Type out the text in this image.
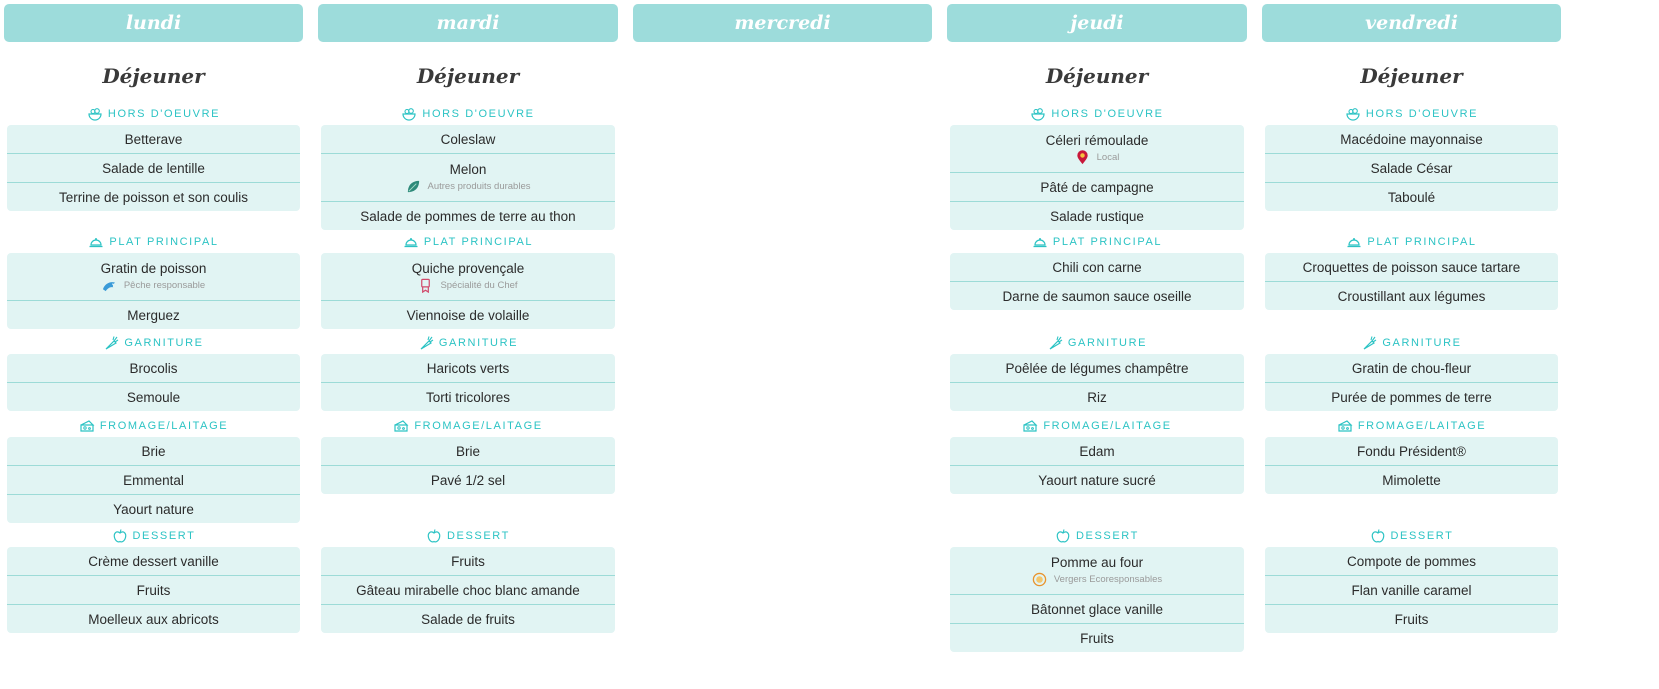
lundi	mardi	mercredi	jeudi	vendredi
Déjeuner
HORS D'OEUVRE
Betterave
Salade de lentille
Terrine de poisson et son coulis
PLAT PRINCIPAL
Gratin de poisson
Pêche responsable
Merguez
GARNITURE
Brocolis
Semoule
FROMAGE/LAITAGE
Brie
Emmental
Yaourt nature
DESSERT
Crème dessert vanille
Fruits
Moelleux aux abricots
Déjeuner
HORS D'OEUVRE
Coleslaw
Melon
Autres produits durables
Salade de pommes de terre au thon
PLAT PRINCIPAL
Quiche provençale
Spécialité du Chef
Viennoise de volaille
GARNITURE
Haricots verts
Torti tricolores
FROMAGE/LAITAGE
Brie
Pavé 1/2 sel
DESSERT
Fruits
Gâteau mirabelle choc blanc amande
Salade de fruits
Déjeuner
HORS D'OEUVRE
Céleri rémoulade
Local
Pâté de campagne
Salade rustique
PLAT PRINCIPAL
Chili con carne
Darne de saumon sauce oseille
GARNITURE
Poêlée de légumes champêtre
Riz
FROMAGE/LAITAGE
Edam
Yaourt nature sucré
DESSERT
Pomme au four
Vergers Ecoresponsables
Bâtonnet glace vanille
Fruits
Déjeuner
HORS D'OEUVRE
Macédoine mayonnaise
Salade César
Taboulé
PLAT PRINCIPAL
Croquettes de poisson sauce tartare
Croustillant aux légumes
GARNITURE
Gratin de chou-fleur
Purée de pommes de terre
FROMAGE/LAITAGE
Fondu Président®
Mimolette
DESSERT
Compote de pommes
Flan vanille caramel
Fruits
